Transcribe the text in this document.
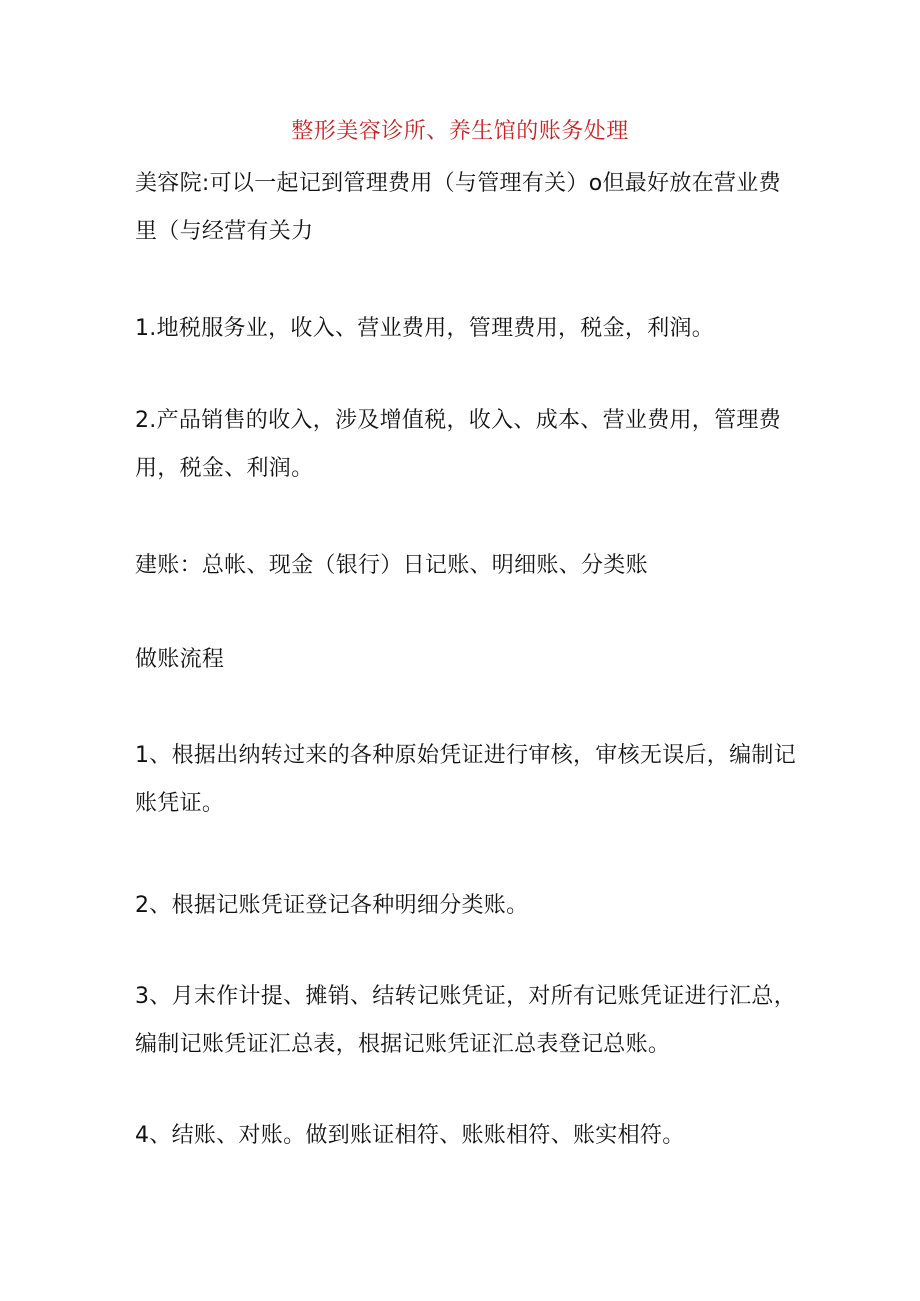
整形美容诊所、养生馆的账务处理

美容院:可以一起记到管理费用（与管理有关）o但最好放在营业费里（与经营有关力

1.地税服务业，收入、营业费用，管理费用，税金，利润。

2.产品销售的收入，涉及增值税，收入、成本、营业费用，管理费用，税金、利润。

建账：总帐、现金（银行）日记账、明细账、分类账

做账流程

1、根据出纳转过来的各种原始凭证进行审核，审核无误后，编制记账凭证。

2、根据记账凭证登记各种明细分类账。

3、月末作计提、摊销、结转记账凭证，对所有记账凭证进行汇总，编制记账凭证汇总表，根据记账凭证汇总表登记总账。

4、结账、对账。做到账证相符、账账相符、账实相符。
